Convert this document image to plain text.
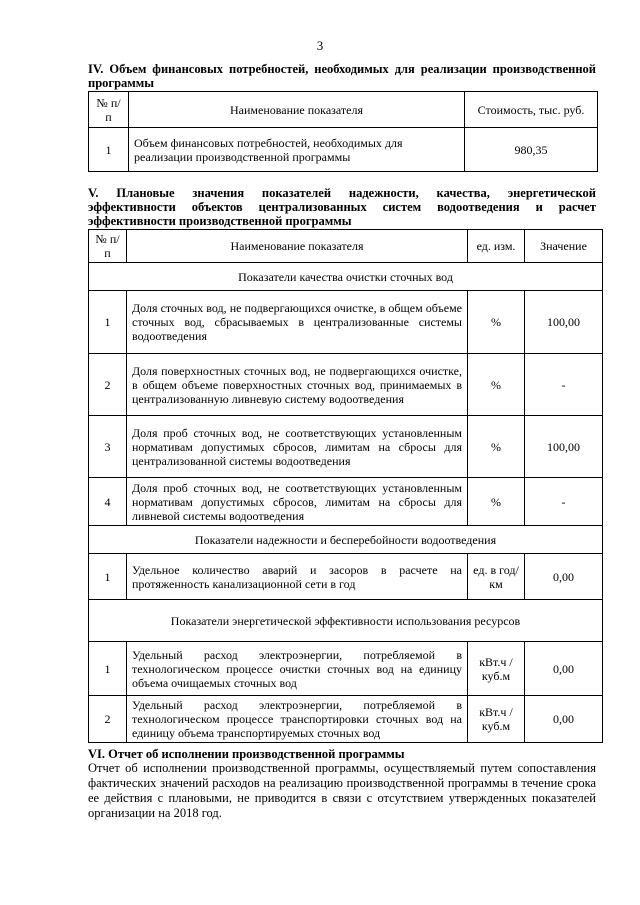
3
IV. Объем финансовых потребностей, необходимых для реализации производственной программы
№ п/п	Наименование показателя	Стоимость, тыс. руб.
1	Объем финансовых потребностей, необходимых для реализации производственной программы	980,35
V. Плановые значения показателей надежности, качества, энергетической эффективности объектов централизованных систем водоотведения и расчет эффективности производственной программы
№ п/п	Наименование показателя	ед. изм.	Значение
Показатели качества очистки сточных вод			
1	Доля сточных вод, не подвергающихся очистке, в общем объеме сточных вод, сбрасываемых в централизованные системы водоотведения	%	100,00
2	Доля поверхностных сточных вод, не подвергающихся очистке, в общем объеме поверхностных сточных вод, принимаемых в централизованную ливневую систему водоотведения	%	-
3	Доля проб сточных вод, не соответствующих установленным нормативам допустимых сбросов, лимитам на сбросы для централизованной системы водоотведения	%	100,00
4	Доля проб сточных вод, не соответствующих установленным нормативам допустимых сбросов, лимитам на сбросы для ливневой системы водоотведения	%	-
Показатели надежности и бесперебойности водоотведения			
1	Удельное количество аварий и засоров в расчете на протяженность канализационной сети в год	ед. в год/ км	0,00
Показатели энергетической эффективности использования ресурсов			
1	Удельный расход электроэнергии, потребляемой в технологическом процессе очистки сточных вод на единицу объема очищаемых сточных вод	кВт.ч / куб.м	0,00
2	Удельный расход электроэнергии, потребляемой в технологическом процессе транспортировки сточных вод на единицу объема транспортируемых сточных вод	кВт.ч / куб.м	0,00
VI. Отчет об исполнении производственной программы
Отчет об исполнении производственной программы, осуществляемый путем сопоставления фактических значений расходов на реализацию производственной программы в течение срока ее действия с плановыми, не приводится в связи с отсутствием утвержденных показателей организации на 2018 год.
